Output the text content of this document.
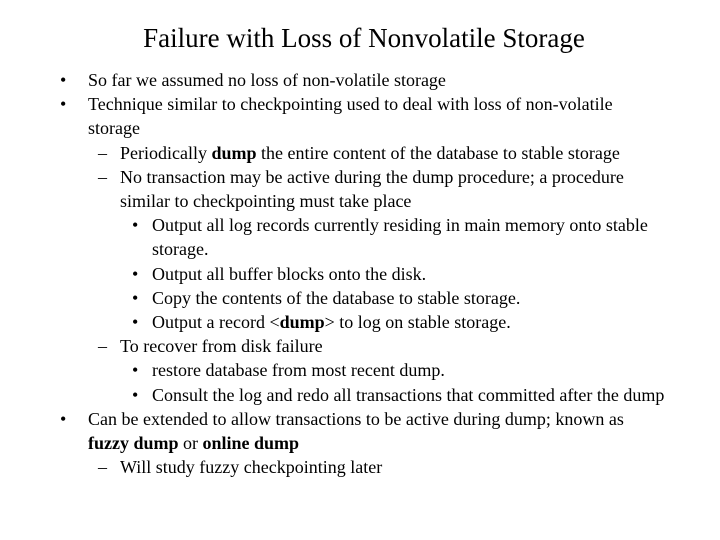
Failure with Loss of Nonvolatile Storage
• So far we assumed no loss of non-volatile storage
• Technique similar to checkpointing used to deal with loss of non-volatile storage
– Periodically dump the entire content of the database to stable storage
– No transaction may be active during the dump procedure; a procedure similar to checkpointing must take place
• Output all log records currently residing in main memory onto stable storage.
• Output all buffer blocks onto the disk.
• Copy the contents of the database to stable storage.
• Output a record <dump> to log on stable storage.
– To recover from disk failure
• restore database from most recent dump.
• Consult the log and redo all transactions that committed after the dump
• Can be extended to allow transactions to be active during dump; known as fuzzy dump or online dump
– Will study fuzzy checkpointing later
